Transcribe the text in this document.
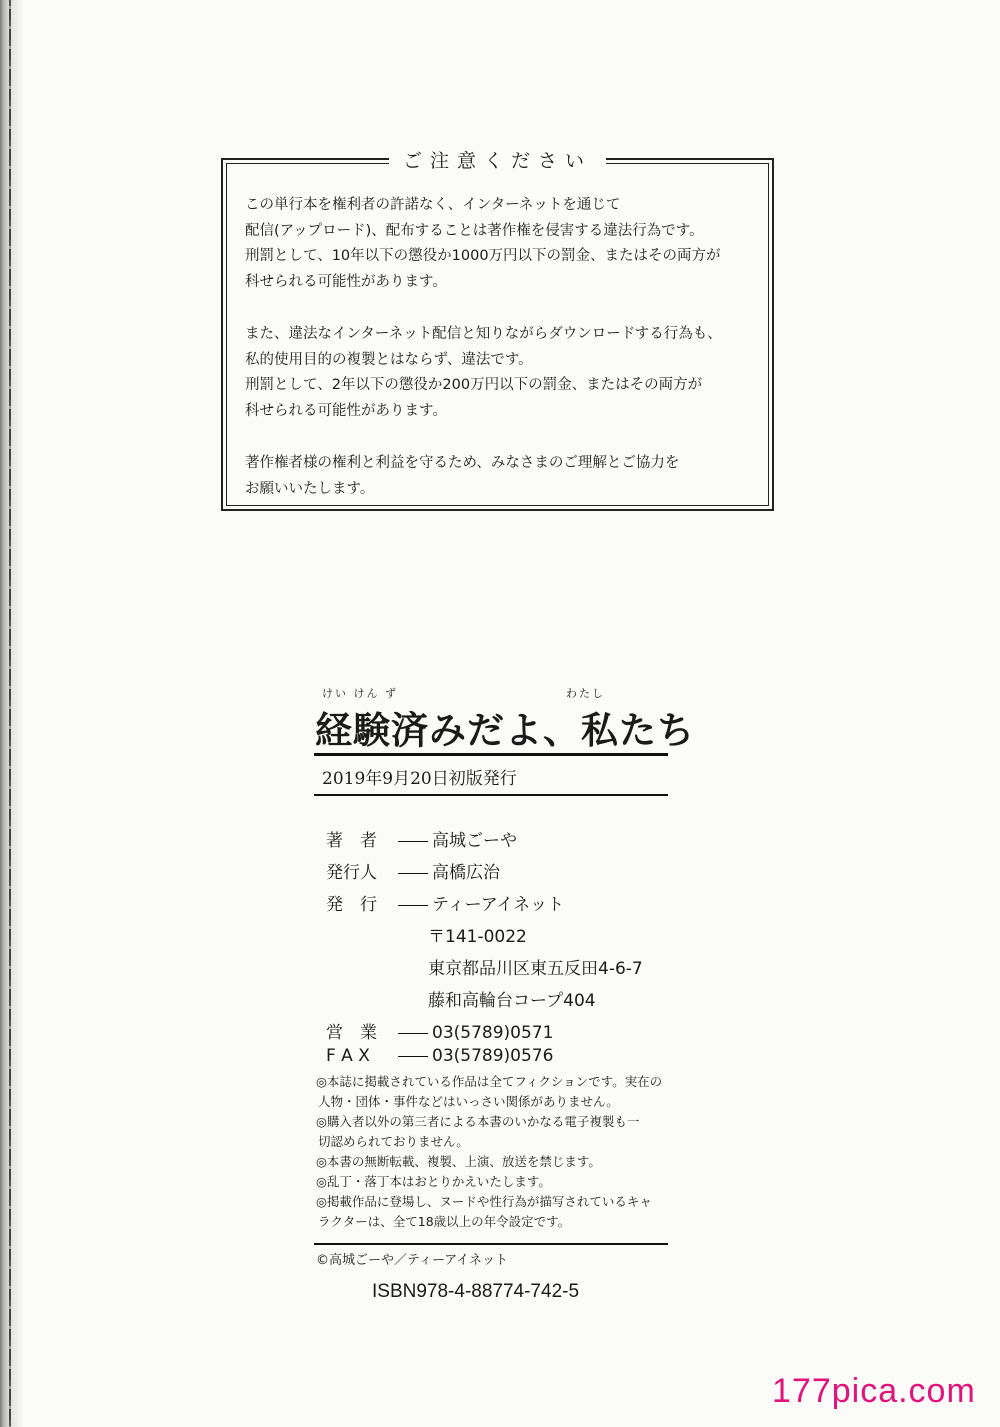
ご注意ください

この単行本を権利者の許諾なく、インターネットを通じて
配信(アップロード)、配布することは著作権を侵害する違法行為です。
刑罰として、10年以下の懲役か1000万円以下の罰金、またはその両方が
科せられる可能性があります。

また、違法なインターネット配信と知りながらダウンロードする行為も、
私的使用目的の複製とはならず、違法です。
刑罰として、2年以下の懲役か200万円以下の罰金、またはその両方が
科せられる可能性があります。

著作権者様の権利と利益を守るため、みなさまのご理解とご協力を
お願いいたします。

けい けん ず	わたし
経験済みだよ、私たち
2019年9月20日初版発行
著　者	高城ごーや
発行人	高橋広治
発　行	ティーアイネット
〒141-0022
東京都品川区東五反田4-6-7
藤和高輪台コープ404
営　業	03(5789)0571
F A X	03(5789)0576
◎本誌に掲載されている作品は全てフィクションです。実在の
人物・団体・事件などはいっさい関係がありません。
◎購入者以外の第三者による本書のいかなる電子複製も一
切認められておりません。
◎本書の無断転載、複製、上演、放送を禁じます。
◎乱丁・落丁本はおとりかえいたします。
◎掲載作品に登場し、ヌードや性行為が描写されているキャ
ラクターは、全て18歳以上の年令設定です。
©高城ごーや／ティーアイネット
ISBN978-4-88774-742-5
177pica.com
